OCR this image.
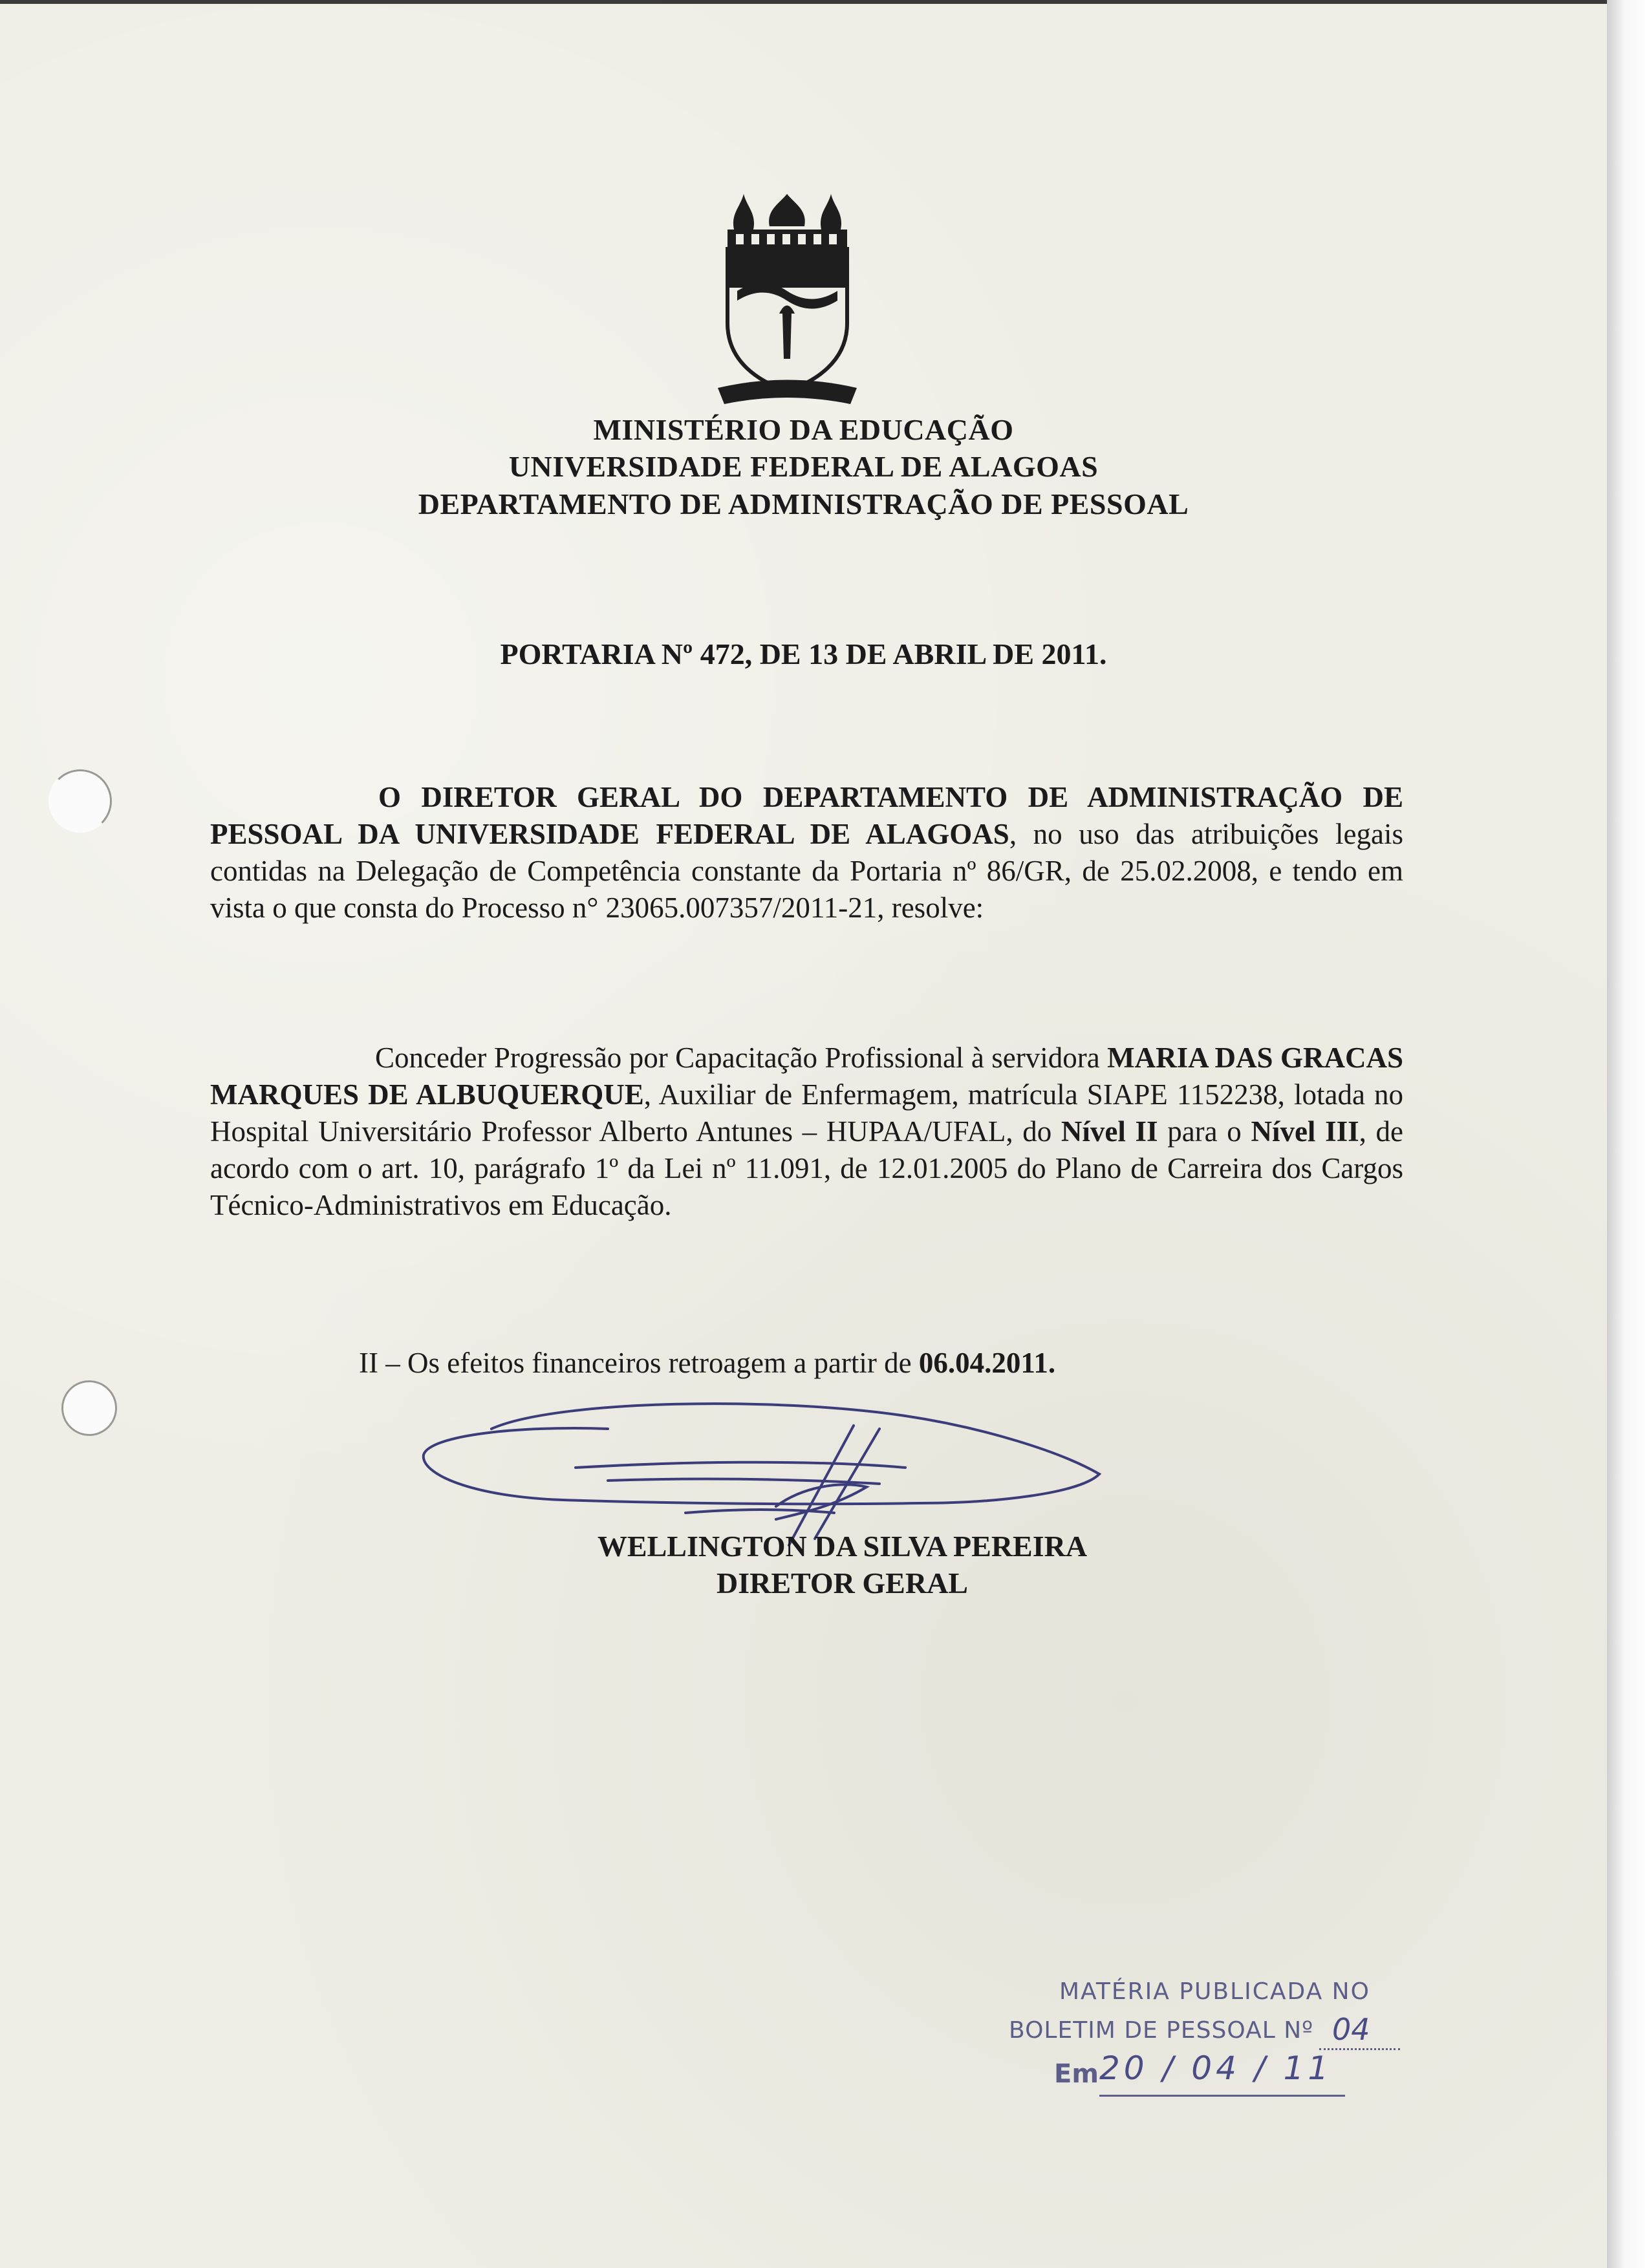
MINISTÉRIO DA EDUCAÇÃO
UNIVERSIDADE FEDERAL DE ALAGOAS
DEPARTAMENTO DE ADMINISTRAÇÃO DE PESSOAL
PORTARIA Nº 472, DE 13 DE ABRIL DE 2011.
O DIRETOR GERAL DO DEPARTAMENTO DE ADMINISTRAÇÃO DE PESSOAL DA UNIVERSIDADE FEDERAL DE ALAGOAS, no uso das atribuições legais contidas na Delegação de Competência constante da Portaria nº 86/GR, de 25.02.2008, e tendo em vista o que consta do Processo n° 23065.007357/2011-21, resolve:
Conceder Progressão por Capacitação Profissional à servidora MARIA DAS GRACAS MARQUES DE ALBUQUERQUE, Auxiliar de Enfermagem, matrícula SIAPE 1152238, lotada no Hospital Universitário Professor Alberto Antunes – HUPAA/UFAL, do Nível II para o Nível III, de acordo com o art. 10, parágrafo 1º da Lei nº 11.091, de 12.01.2005 do Plano de Carreira dos Cargos Técnico-Administrativos em Educação.
II – Os efeitos financeiros retroagem a partir de 06.04.2011.
WELLINGTON DA SILVA PEREIRA
DIRETOR GERAL
MATÉRIA PUBLICADA NO
BOLETIM DE PESSOAL Nº 04
Em 20 / 04 / 11
